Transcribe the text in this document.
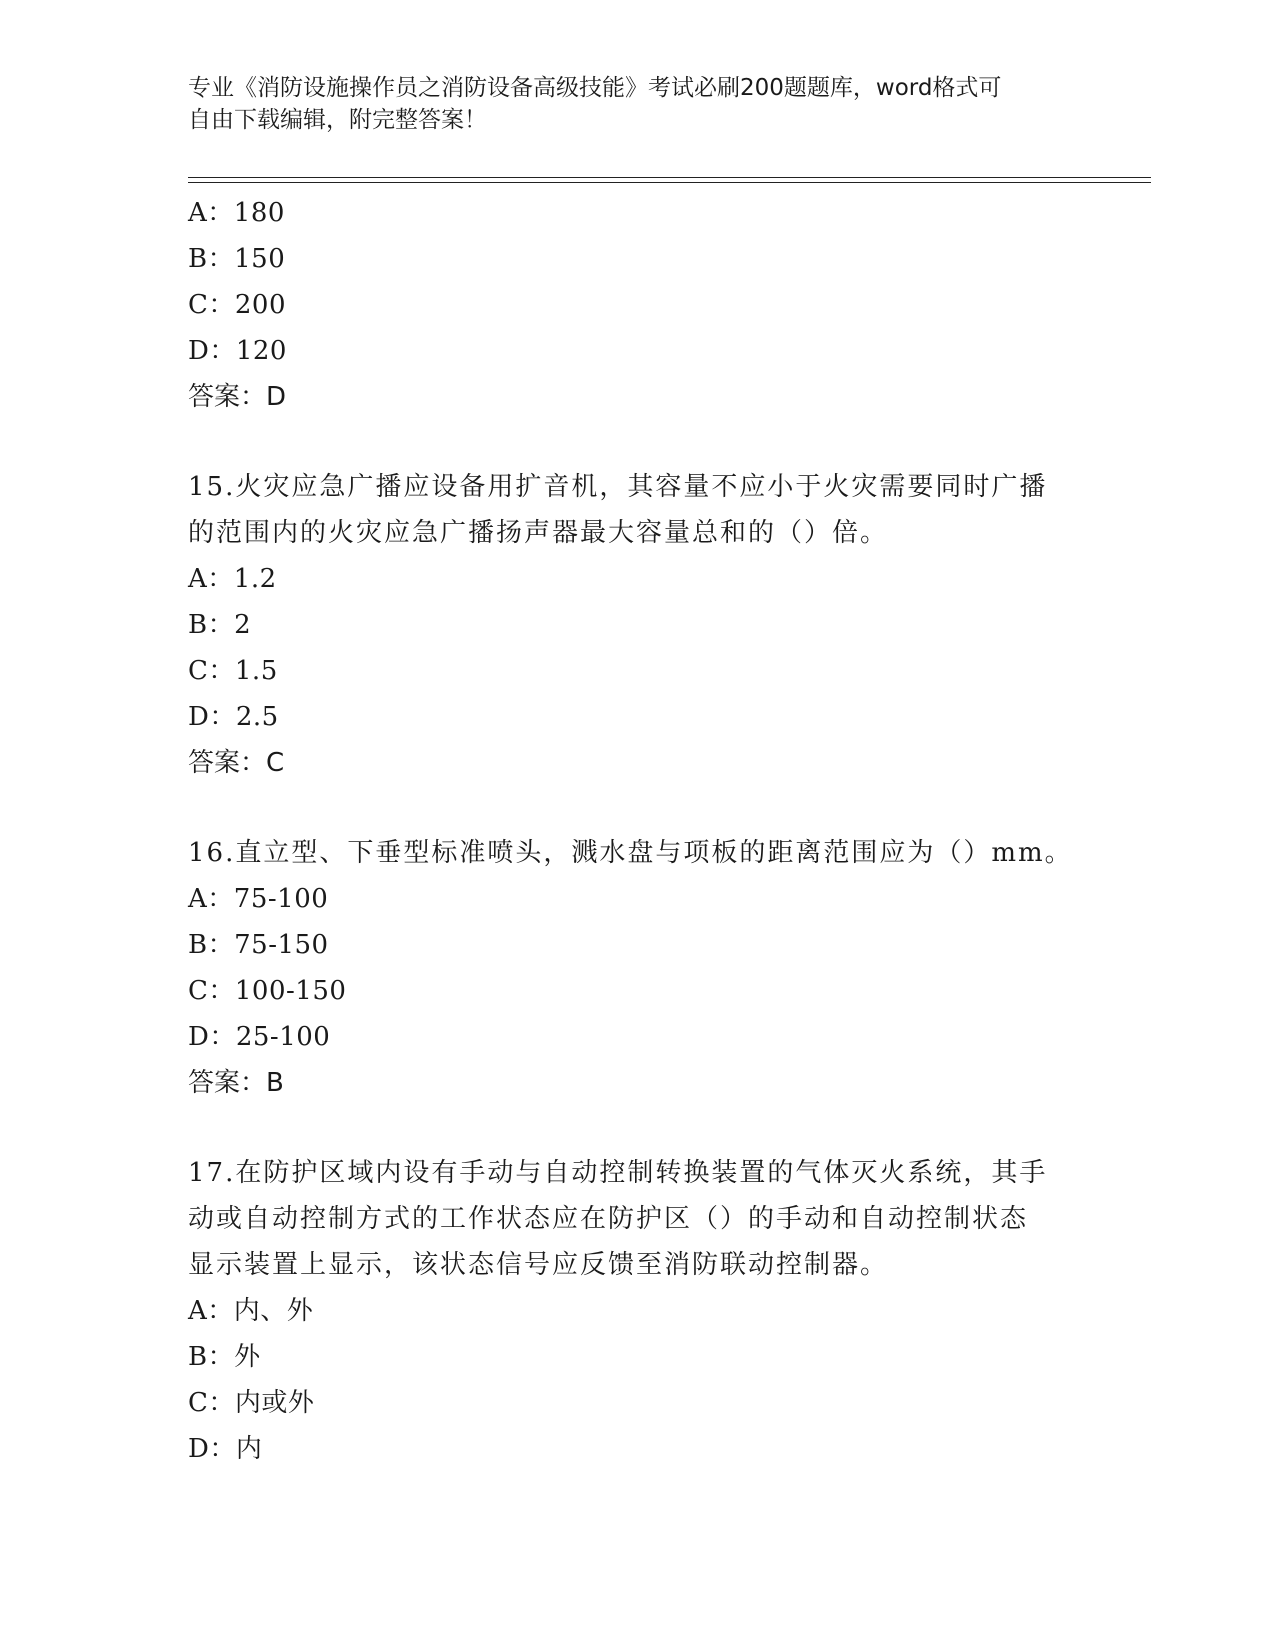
专业《消防设施操作员之消防设备高级技能》考试必刷200题题库，word格式可
自由下载编辑，附完整答案！
A：180
B：150
C：200
D：120
答案：D
15.火灾应急广播应设备用扩音机，其容量不应小于火灾需要同时广播
的范围内的火灾应急广播扬声器最大容量总和的（）倍。
A：1.2
B：2
C：1.5
D：2.5
答案：C
16.直立型、下垂型标准喷头，溅水盘与项板的距离范围应为（）mm。
A：75-100
B：75-150
C：100-150
D：25-100
答案：B
17.在防护区域内设有手动与自动控制转换装置的气体灭火系统，其手
动或自动控制方式的工作状态应在防护区（）的手动和自动控制状态
显示装置上显示，该状态信号应反馈至消防联动控制器。
A：内、外
B：外
C：内或外
D：内
